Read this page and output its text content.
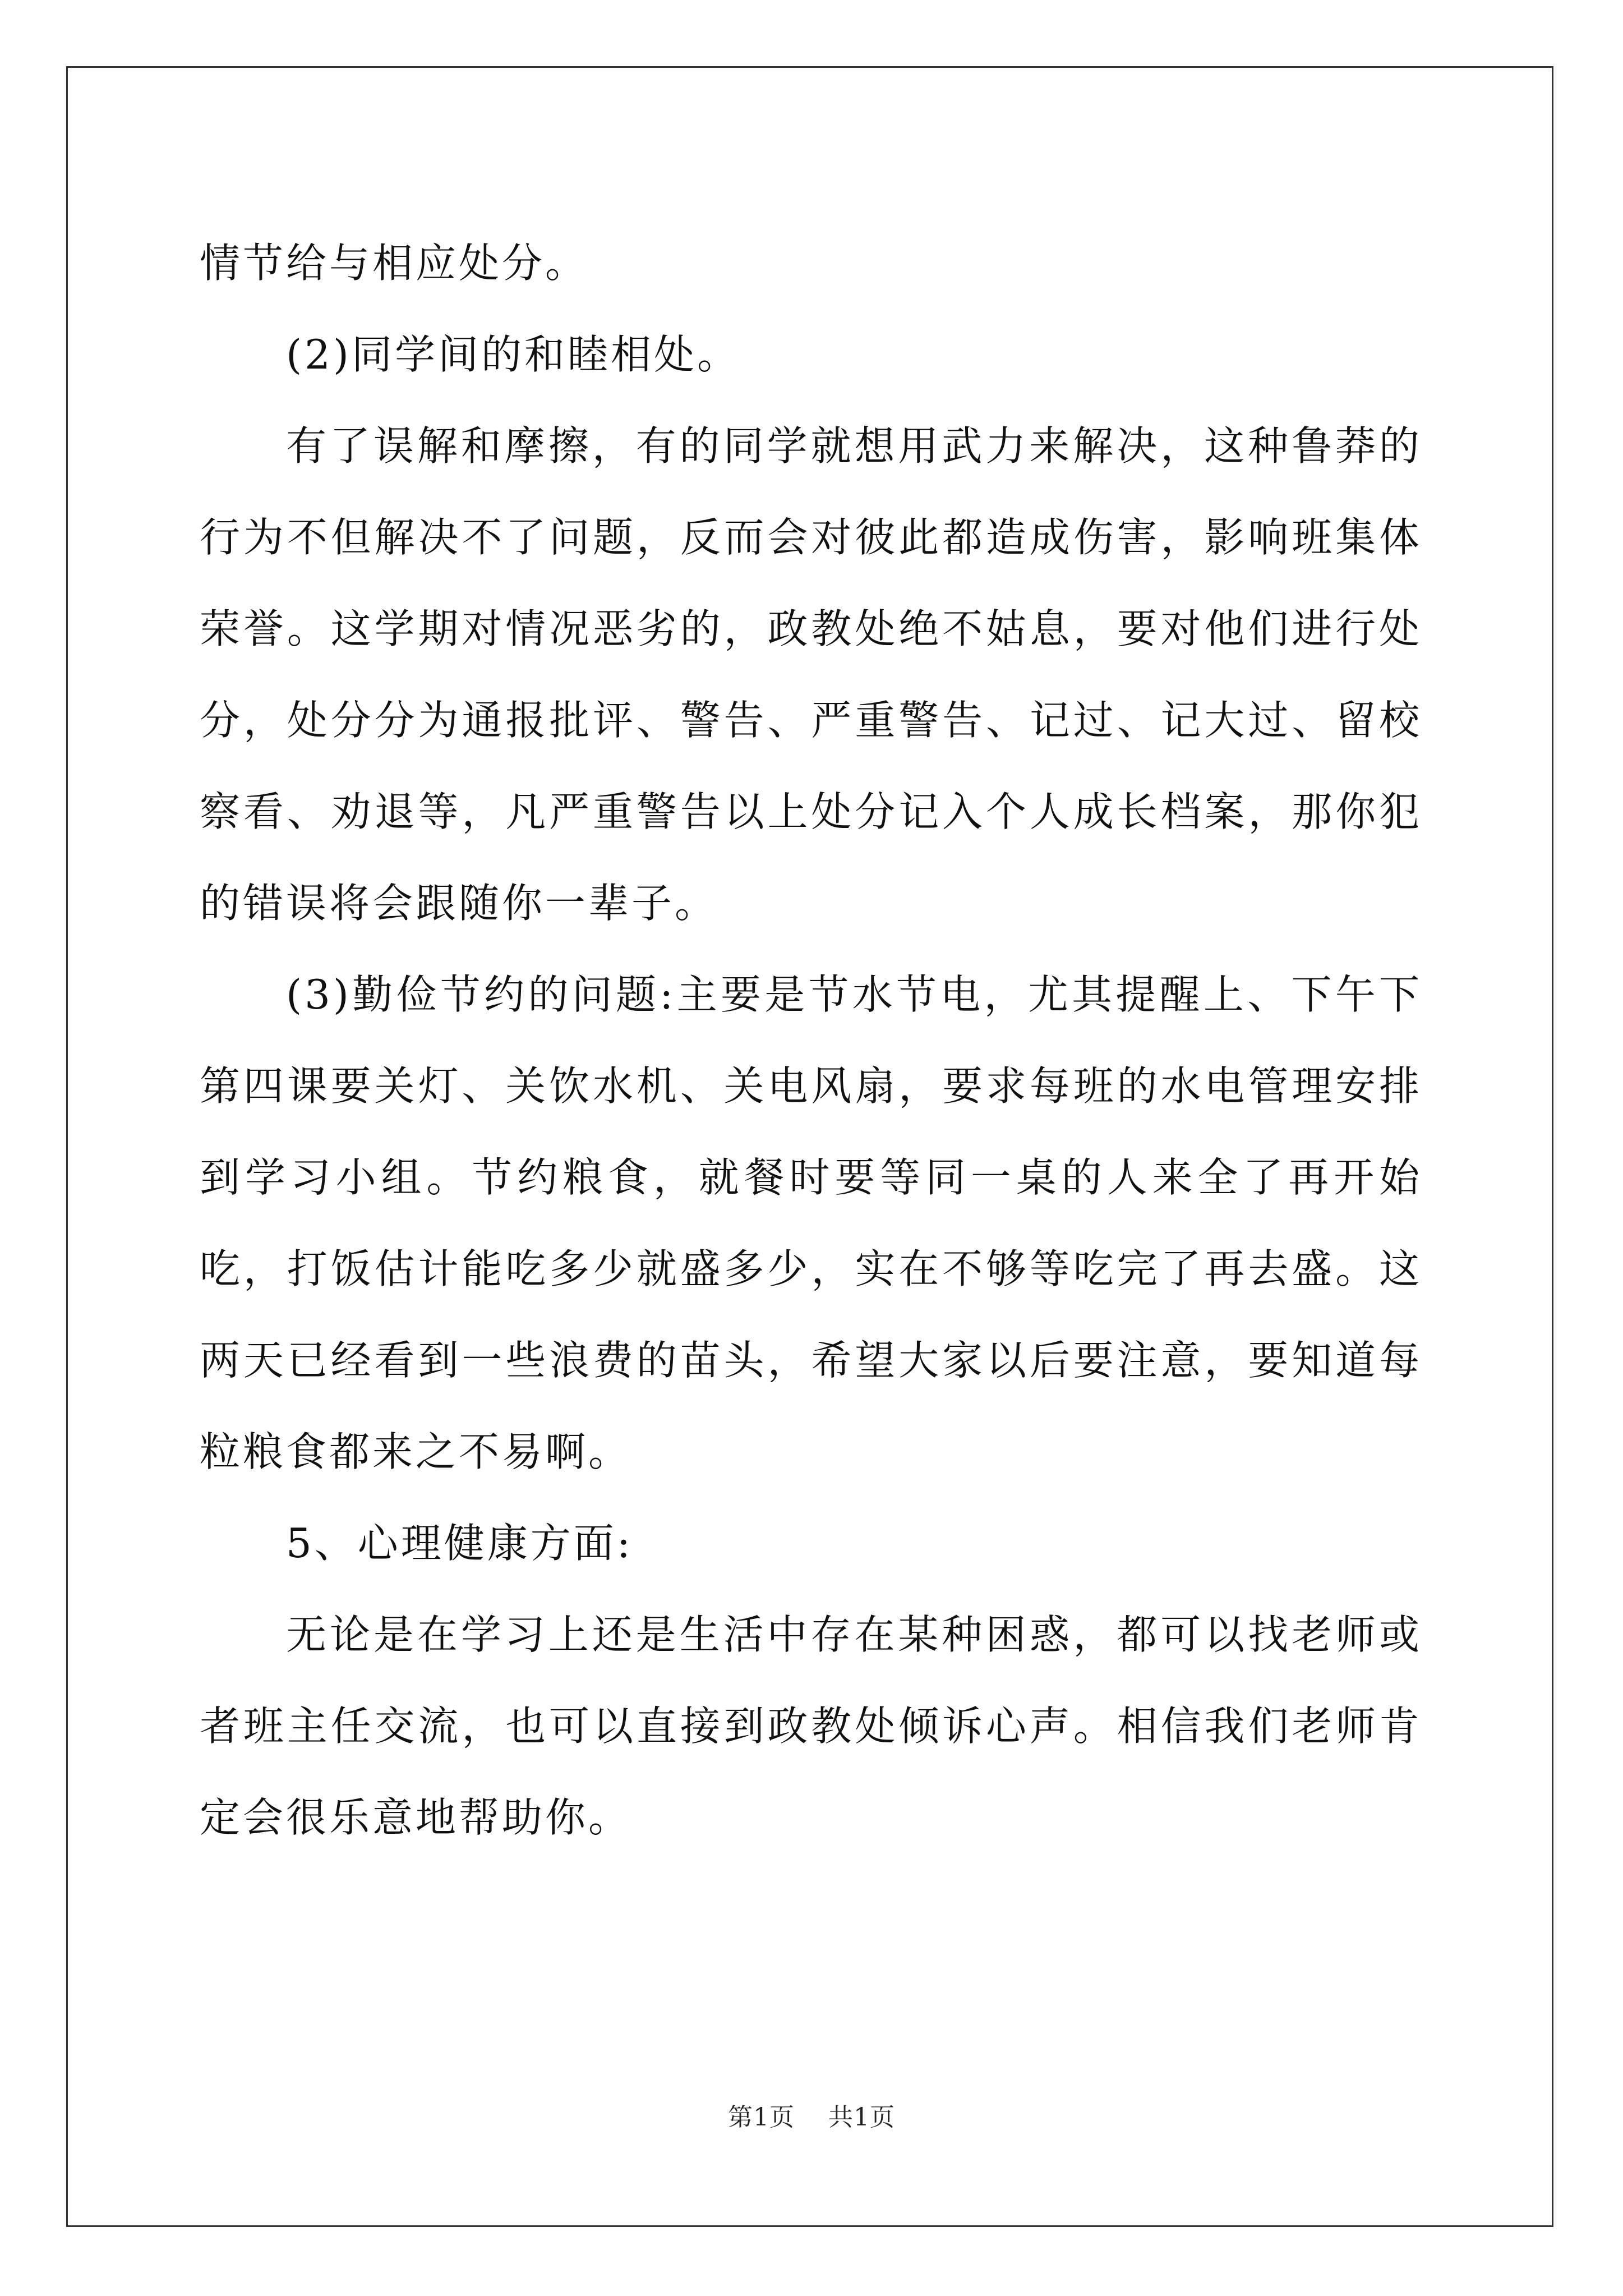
情节给与相应处分。

(2)同学间的和睦相处。

有了误解和摩擦，有的同学就想用武力来解决，这种鲁莽的行为不但解决不了问题，反而会对彼此都造成伤害，影响班集体荣誉。这学期对情况恶劣的，政教处绝不姑息，要对他们进行处分，处分分为通报批评、警告、严重警告、记过、记大过、留校察看、劝退等，凡严重警告以上处分记入个人成长档案，那你犯的错误将会跟随你一辈子。

(3)勤俭节约的问题:主要是节水节电，尤其提醒上、下午下第四课要关灯、关饮水机、关电风扇，要求每班的水电管理安排到学习小组。节约粮食，就餐时要等同一桌的人来全了再开始吃，打饭估计能吃多少就盛多少，实在不够等吃完了再去盛。这两天已经看到一些浪费的苗头，希望大家以后要注意，要知道每粒粮食都来之不易啊。

5、心理健康方面:

无论是在学习上还是生活中存在某种困惑，都可以找老师或者班主任交流，也可以直接到政教处倾诉心声。相信我们老师肯定会很乐意地帮助你。

第1页 共1页
